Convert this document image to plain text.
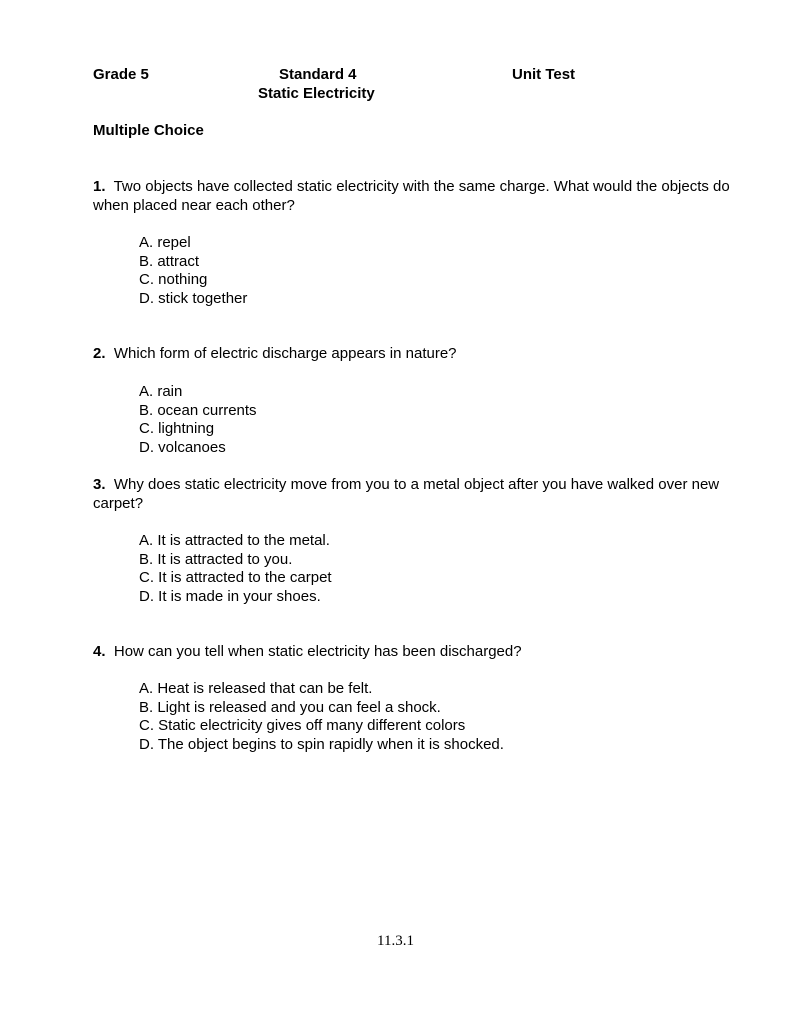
Grade 5	Standard 4	Unit Test
Static Electricity
Multiple Choice
1. Two objects have collected static electricity with the same charge. What would the objects do when placed near each other?
A. repel
B. attract
C. nothing
D. stick together
2. Which form of electric discharge appears in nature?
A. rain
B. ocean currents
C. lightning
D. volcanoes
3. Why does static electricity move from you to a metal object after you have walked over new carpet?
A. It is attracted to the metal.
B. It is attracted to you.
C. It is attracted to the carpet
D. It is made in your shoes.
4. How can you tell when static electricity has been discharged?
A. Heat is released that can be felt.
B. Light is released and you can feel a shock.
C. Static electricity gives off many different colors
D. The object begins to spin rapidly when it is shocked.
11.3.1
